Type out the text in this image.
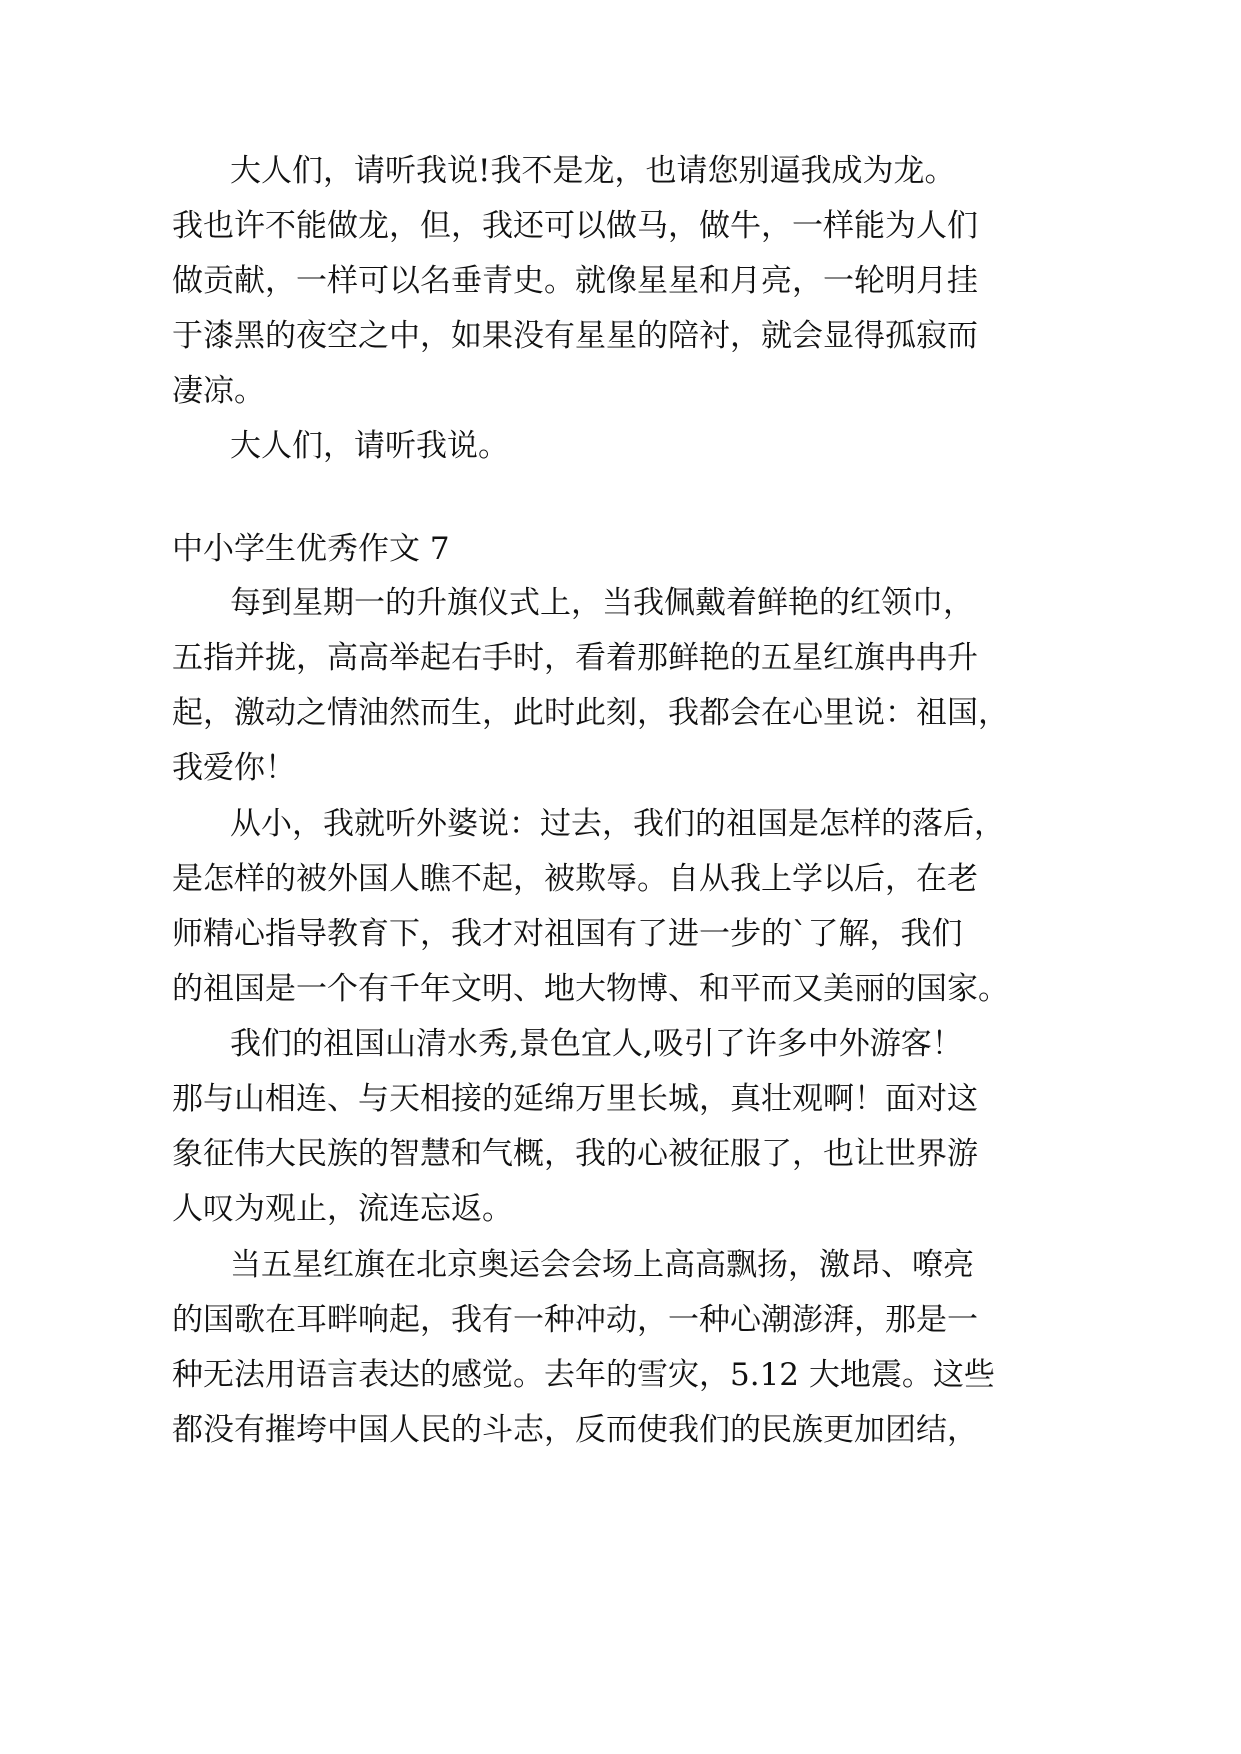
大人们，请听我说!我不是龙，也请您别逼我成为龙。
我也许不能做龙，但，我还可以做马，做牛，一样能为人们
做贡献，一样可以名垂青史。就像星星和月亮，一轮明月挂
于漆黑的夜空之中，如果没有星星的陪衬，就会显得孤寂而
凄凉。
大人们，请听我说。
中小学生优秀作文 7
每到星期一的升旗仪式上，当我佩戴着鲜艳的红领巾，
五指并拢，高高举起右手时，看着那鲜艳的五星红旗冉冉升
起，激动之情油然而生，此时此刻，我都会在心里说：祖国，
我爱你！
从小，我就听外婆说：过去，我们的祖国是怎样的落后，
是怎样的被外国人瞧不起，被欺辱。自从我上学以后，在老
师精心指导教育下，我才对祖国有了进一步的`了解，我们
的祖国是一个有千年文明、地大物博、和平而又美丽的国家。
我们的祖国山清水秀,景色宜人,吸引了许多中外游客！
那与山相连、与天相接的延绵万里长城，真壮观啊！面对这
象征伟大民族的智慧和气概，我的心被征服了，也让世界游
人叹为观止，流连忘返。
当五星红旗在北京奥运会会场上高高飘扬，激昂、嘹亮
的国歌在耳畔响起，我有一种冲动，一种心潮澎湃，那是一
种无法用语言表达的感觉。去年的雪灾，5.12 大地震。这些
都没有摧垮中国人民的斗志，反而使我们的民族更加团结，
